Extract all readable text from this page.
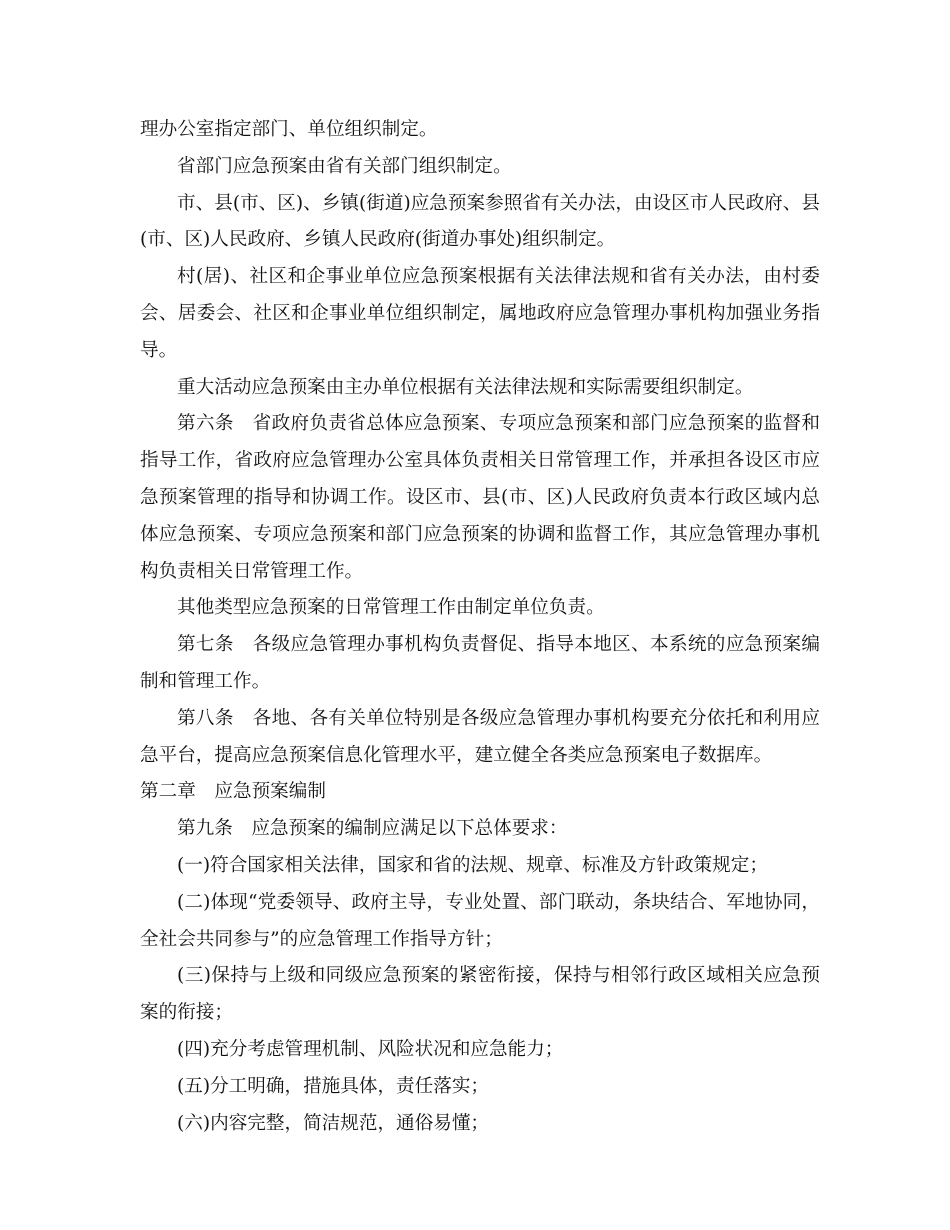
理办公室指定部门、单位组织制定。

省部门应急预案由省有关部门组织制定。

市、县(市、区)、乡镇(街道)应急预案参照省有关办法，由设区市人民政府、县(市、区)人民政府、乡镇人民政府(街道办事处)组织制定。

村(居)、社区和企事业单位应急预案根据有关法律法规和省有关办法，由村委会、居委会、社区和企事业单位组织制定，属地政府应急管理办事机构加强业务指导。

重大活动应急预案由主办单位根据有关法律法规和实际需要组织制定。

第六条　省政府负责省总体应急预案、专项应急预案和部门应急预案的监督和指导工作，省政府应急管理办公室具体负责相关日常管理工作，并承担各设区市应急预案管理的指导和协调工作。设区市、县(市、区)人民政府负责本行政区域内总体应急预案、专项应急预案和部门应急预案的协调和监督工作，其应急管理办事机构负责相关日常管理工作。

其他类型应急预案的日常管理工作由制定单位负责。

第七条　各级应急管理办事机构负责督促、指导本地区、本系统的应急预案编制和管理工作。

第八条　各地、各有关单位特别是各级应急管理办事机构要充分依托和利用应急平台，提高应急预案信息化管理水平，建立健全各类应急预案电子数据库。

第二章　应急预案编制

第九条　应急预案的编制应满足以下总体要求：

(一)符合国家相关法律，国家和省的法规、规章、标准及方针政策规定；

(二)体现“党委领导、政府主导，专业处置、部门联动，条块结合、军地协同，全社会共同参与”的应急管理工作指导方针；

(三)保持与上级和同级应急预案的紧密衔接，保持与相邻行政区域相关应急预案的衔接；

(四)充分考虑管理机制、风险状况和应急能力；

(五)分工明确，措施具体，责任落实；

(六)内容完整，简洁规范，通俗易懂；
